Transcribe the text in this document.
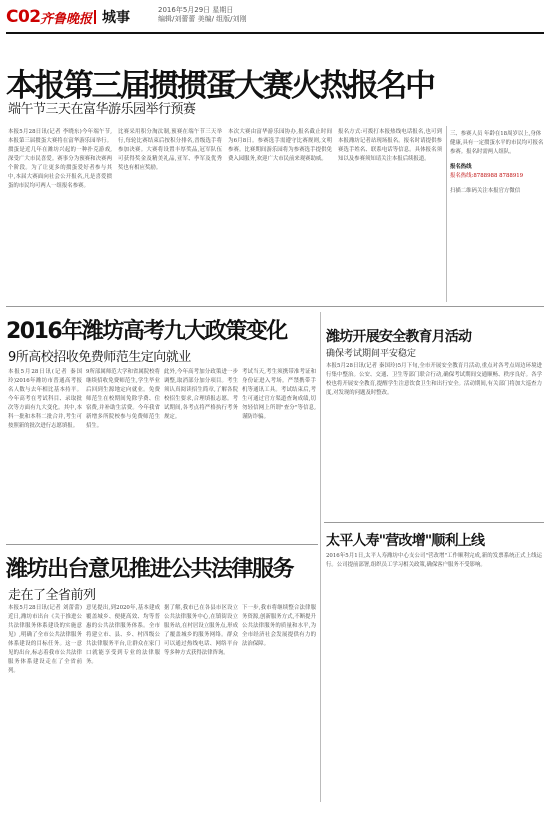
C02 齐鲁晚报 城事	2016年5月29日 星期日
编辑/刘蕾蕾 美编/ 组版/刘刚
本报第三届掼掼蛋大赛火热报名中
端午节三天在富华游乐园举行预赛
本报5月28日讯(记者 李晓东)今年端午节,本报第三届掼蛋大赛将在富华游乐园举行。掼蛋是近几年在潍坊兴起的一种扑克游戏,深受广大市民喜爱。赛事分为预赛和决赛两个阶段。为了让更多的掼蛋爱好者参与其中,本届大赛面向社会公开报名,凡是喜爱掼蛋的市民均可两人一组报名参赛。
比赛采用积分淘汰制,预赛在端午节三天举行,每轮比赛结束后按积分排名,晋级选手将参加决赛。大赛将设置丰厚奖品,冠军队伍可获得奖金及精美礼品,亚军、季军及优秀奖也有相应奖励。
本次大赛由富华游乐园协办,报名截止时间为6月8日。参赛选手需遵守比赛规则,文明参赛。比赛期间游乐园将为参赛选手提供免费入园服务,欢迎广大市民前来观赛助威。
报名方式:可拨打本报热线电话报名,也可到本报潍坊记者站现场报名。报名时请提供参赛选手姓名、联系电话等信息。具体报名须知以及参赛须知请关注本报后续报道。
三、参赛人员 年龄在18周岁以上,身体健康,具有一定掼蛋水平的市民均可报名参赛。报名时需两人组队。
报名热线
报名热线:8788988 8788919
扫描二维码关注本报官方微信
2016年潍坊高考九大政策变化
9所高校招收免费师范生定向就业
本报5月28日讯(记者 秦国玲)2016年潍坊市普通高考报名人数与去年相比基本持平。今年高考在考试科目、录取批次等方面有九大变化。其中,本科一批和本科二批合并,考生可按照新的批次进行志愿填报。
9所部属师范大学和省属院校将继续招收免费师范生,学生毕业后回到生源地定向就业。免费师范生在校期间免除学费、住宿费,并补助生活费。今年我省新增多所院校参与免费师范生招生。
此外,今年高考加分政策进一步调整,取消部分加分项目。考生须认真阅读招生简章,了解各院校招生要求,合理填报志愿。考试期间,各考点将严格执行考务规定。
考试当天,考生须携带准考证和身份证进入考场。严禁携带手机等通讯工具。考试结束后,考生可通过官方渠道查询成绩,切勿轻信网上所谓"查分"等信息,谨防诈骗。
潍坊开展安全教育月活动
确保考试期间平安稳定
本报5月28日讯(记者 秦国玲)5月下旬,全市开展安全教育月活动,重点对各考点周边环境进行集中整治。公安、交通、卫生等部门联合行动,确保考试期间交通顺畅、秩序良好。各学校也将开展安全教育,提醒学生注意饮食卫生和出行安全。活动期间,有关部门将加大巡查力度,对发现的问题及时整改。
太平人寿"营改增"顺利上线
2016年5月1日,太平人寿潍坊中心支公司"营改增"工作顺利完成,新的发票系统正式上线运行。公司提前部署,组织员工学习相关政策,确保客户服务不受影响。
潍坊出台意见推进公共法律服务
走在了全省前列
本报5月28日讯(记者 刘蕾蕾)近日,潍坊市出台《关于推进公共法律服务体系建设的实施意见》,明确了全市公共法律服务体系建设的目标任务。这一意见的出台,标志着我市公共法律服务体系建设走在了全省前列。
意见提出,到2020年,基本建成覆盖城乡、便捷高效、均等普惠的公共法律服务体系。全市将建立市、县、乡、村四级公共法律服务平台,让群众在家门口就能享受到专业的法律服务。
据了解,我市已在各县市区设立公共法律服务中心,在镇街设立服务站,在村居设立服务点,形成了覆盖城乡的服务网络。群众可以通过热线电话、网络平台等多种方式获得法律咨询。
下一步,我市将继续整合法律服务资源,创新服务方式,不断提升公共法律服务的质量和水平,为全市经济社会发展提供有力的法治保障。
